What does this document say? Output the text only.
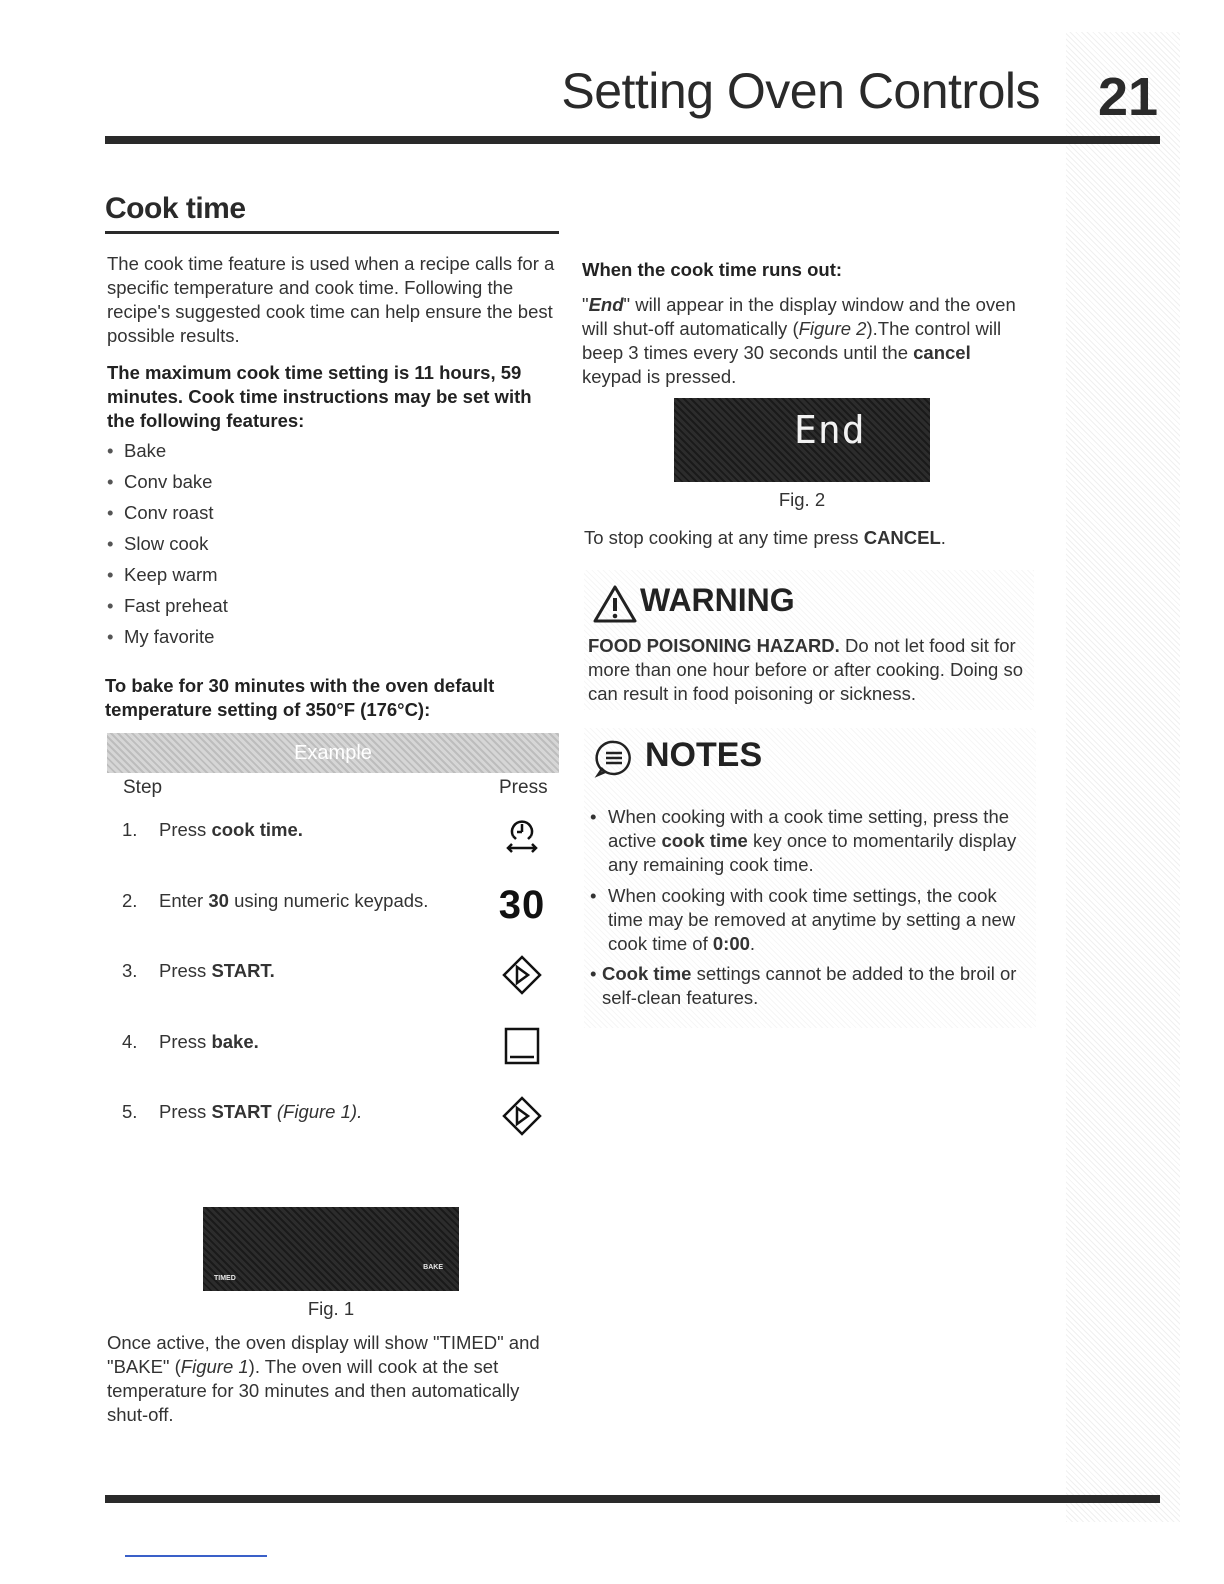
Setting Oven Controls 21
Cook time

The cook time feature is used when a recipe calls for a specific temperature and cook time. Following the recipe's suggested cook time can help ensure the best possible results.

The maximum cook time setting is 11 hours, 59 minutes. Cook time instructions may be set with the following features:

• Bake
• Conv bake
• Conv roast
• Slow cook
• Keep warm
• Fast preheat
• My favorite

To bake for 30 minutes with the oven default temperature setting of 350°F (176°C):

Example
Step	Press
1. Press cook time.
2. Enter 30 using numeric keypads. 30
3. Press START.
4. Press bake.
5. Press START (Figure 1).
TIMED
BAKE
Fig. 1

Once active, the oven display will show "TIMED" and "BAKE" (Figure 1). The oven will cook at the set temperature for 30 minutes and then automatically shut-off.

When the cook time runs out:

"End" will appear in the display window and the oven will shut-off automatically (Figure 2).The control will beep 3 times every 30 seconds until the cancel keypad is pressed.

End
Fig. 2

To stop cooking at any time press CANCEL.

WARNING

FOOD POISONING HAZARD. Do not let food sit for more than one hour before or after cooking. Doing so can result in food poisoning or sickness.

NOTES
• When cooking with a cook time setting, press the active cook time key once to momentarily display any remaining cook time.
• When cooking with cook time settings, the cook time may be removed at anytime by setting a new cook time of 0:00.
• Cook time settings cannot be added to the broil or self-clean features.
